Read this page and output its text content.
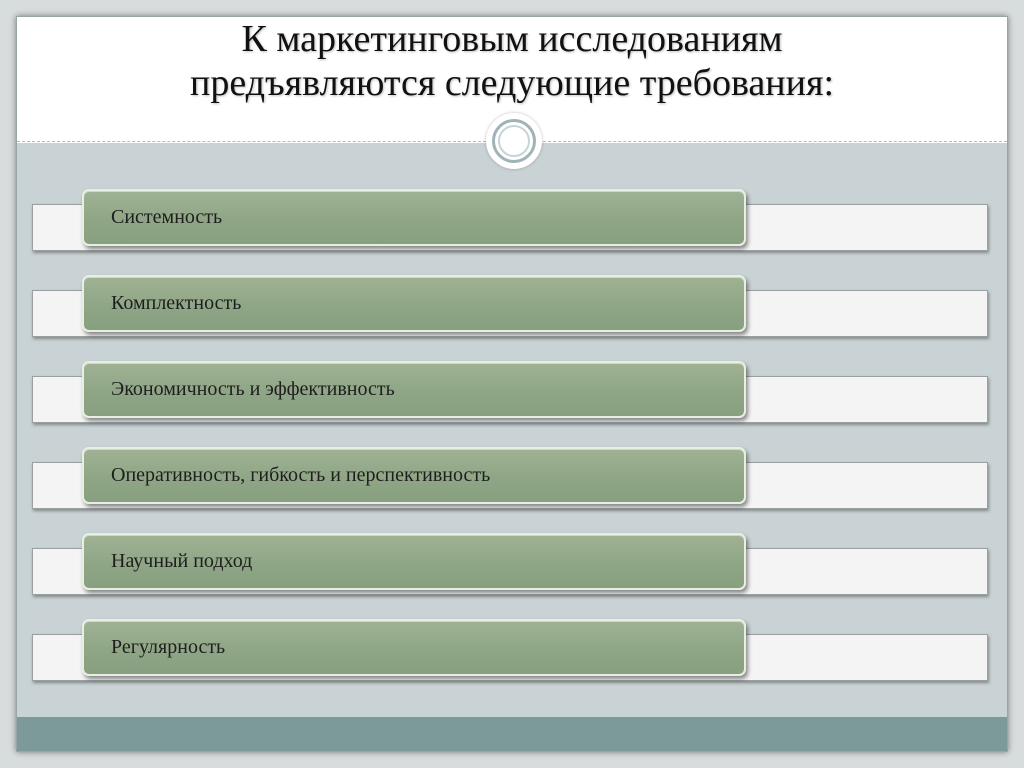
К маркетинговым исследованиям
предъявляются следующие требования:
Системность
Комплектность
Экономичность и эффективность
Оперативность, гибкость и перспективность
Научный подход
Регулярность
